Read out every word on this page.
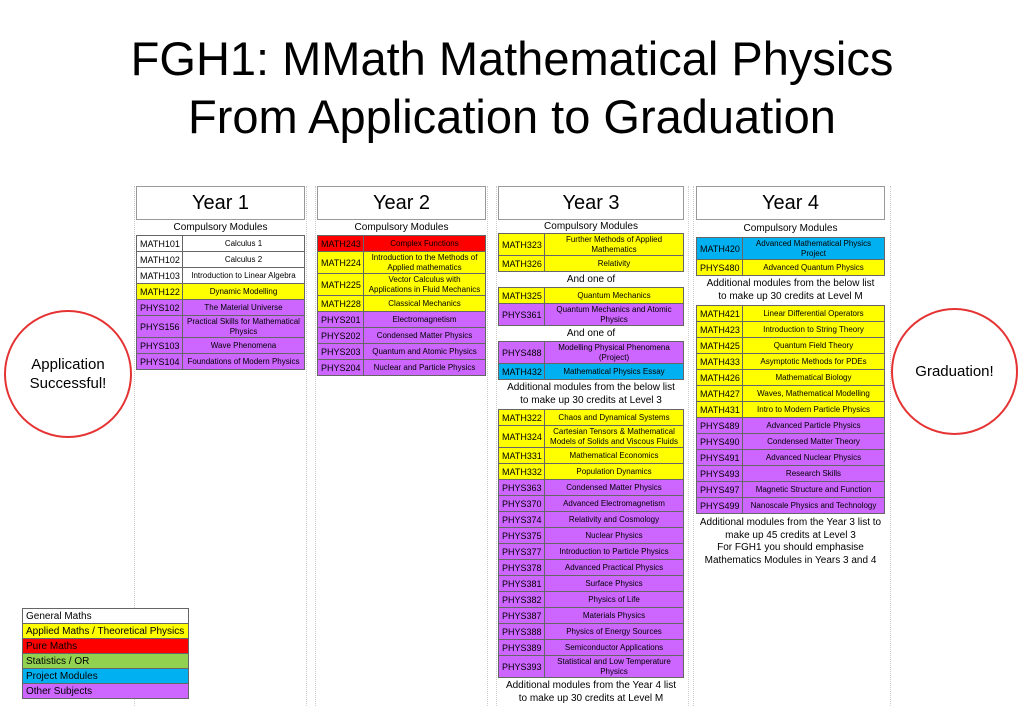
FGH1: MMath Mathematical Physics
From Application to Graduation
Application
Successful!
Graduation!
Year 1
Compulsory Modules
MATH101	Calculus 1
MATH102	Calculus 2
MATH103	Introduction to Linear Algebra
MATH122	Dynamic Modelling
PHYS102	The Material Universe
PHYS156	Practical Skills for Mathematical Physics
PHYS103	Wave Phenomena
PHYS104	Foundations of Modern Physics
Year 2
Compulsory Modules
MATH243	Complex Functions
MATH224	Introduction to the Methods of Applied mathematics
MATH225	Vector Calculus with Applications in Fluid Mechanics
MATH228	Classical Mechanics
PHYS201	Electromagnetism
PHYS202	Condensed Matter Physics
PHYS203	Quantum and Atomic Physics
PHYS204	Nuclear and Particle Physics
Year 3
Compulsory Modules
MATH323	Further Methods of Applied Mathematics
MATH326	Relativity
And one of
MATH325	Quantum Mechanics
PHYS361	Quantum Mechanics and Atomic Physics
And one of
PHYS488	Modelling Physical Phenomena (Project)
MATH432	Mathematical Physics Essay
Additional modules from the below list
to make up 30 credits at Level 3
MATH322	Chaos and Dynamical Systems
MATH324	Cartesian Tensors & Mathematical Models of Solids and Viscous Fluids
MATH331	Mathematical Economics
MATH332	Population Dynamics
PHYS363	Condensed Matter Physics
PHYS370	Advanced Electromagnetism
PHYS374	Relativity and Cosmology
PHYS375	Nuclear Physics
PHYS377	Introduction to Particle Physics
PHYS378	Advanced Practical Physics
PHYS381	Surface Physics
PHYS382	Physics of Life
PHYS387	Materials Physics
PHYS388	Physics of Energy Sources
PHYS389	Semiconductor Applications
PHYS393	Statistical and Low Temperature Physics
Additional modules from the Year 4 list
to make up 30 credits at Level M
Year 4
Compulsory Modules
MATH420	Advanced Mathematical Physics Project
PHYS480	Advanced Quantum Physics
Additional modules from the below list
to make up 30 credits at Level M
MATH421	Linear Differential Operators
MATH423	Introduction to String Theory
MATH425	Quantum Field Theory
MATH433	Asymptotic Methods for PDEs
MATH426	Mathematical Biology
MATH427	Waves, Mathematical Modelling
MATH431	Intro to Modern Particle Physics
PHYS489	Advanced Particle Physics
PHYS490	Condensed Matter Theory
PHYS491	Advanced Nuclear Physics
PHYS493	Research Skills
PHYS497	Magnetic Structure and Function
PHYS499	Nanoscale Physics and Technology
Additional modules from the Year 3 list to
make up 45 credits at Level 3
For FGH1 you should emphasise
Mathematics Modules in Years 3 and 4
General Maths
Applied Maths / Theoretical Physics
Pure Maths
Statistics / OR
Project Modules
Other Subjects
